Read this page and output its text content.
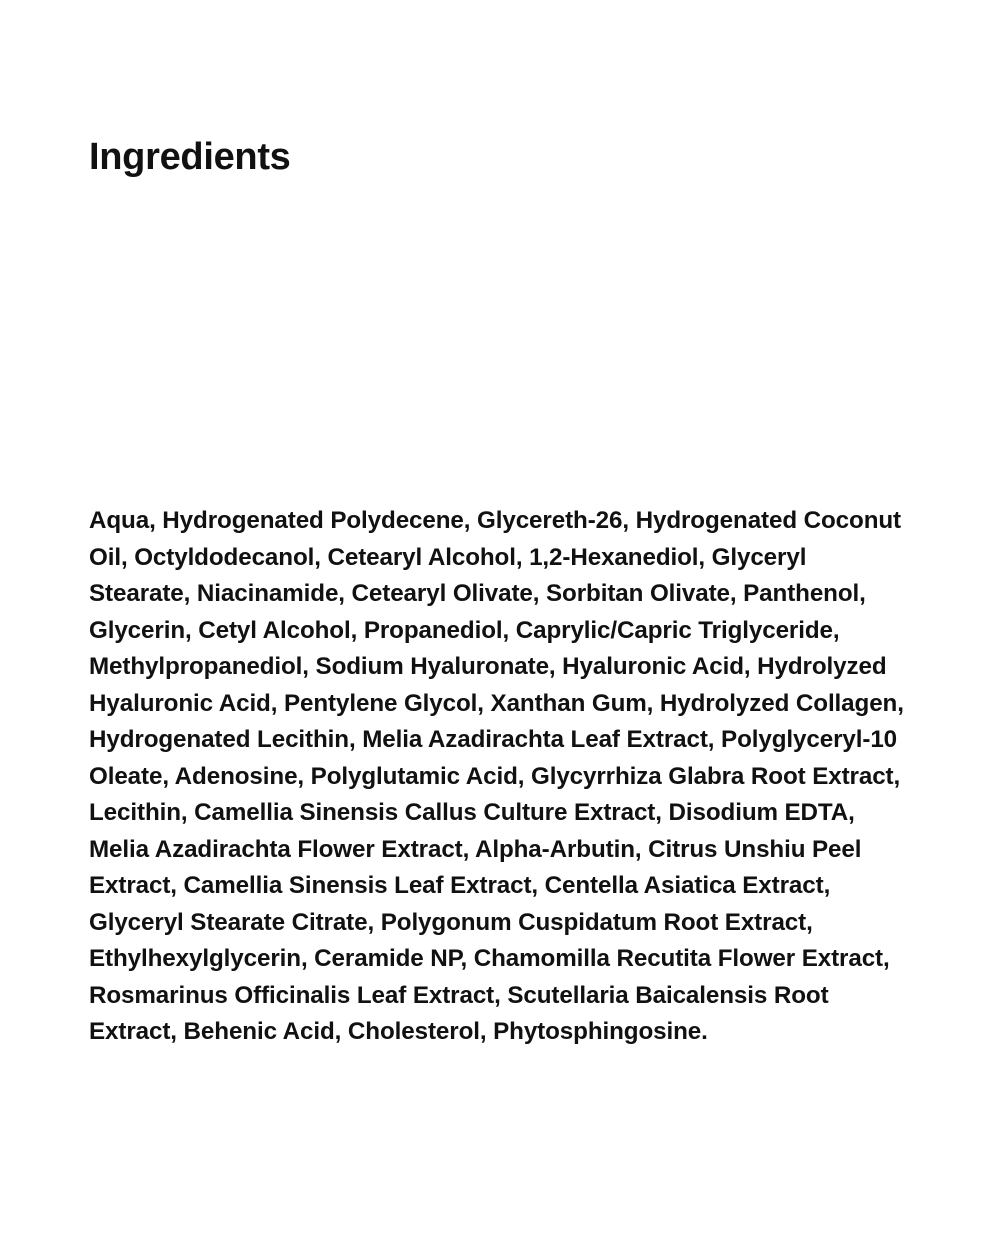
Ingredients

Aqua, Hydrogenated Polydecene, Glycereth-26, Hydrogenated Coconut Oil, Octyldodecanol, Cetearyl Alcohol, 1,2-Hexanediol, Glyceryl Stearate, Niacinamide, Cetearyl Olivate, Sorbitan Olivate, Panthenol, Glycerin, Cetyl Alcohol, Propanediol, Caprylic/Capric Triglyceride, Methylpropanediol, Sodium Hyaluronate, Hyaluronic Acid, Hydrolyzed Hyaluronic Acid, Pentylene Glycol, Xanthan Gum, Hydrolyzed Collagen, Hydrogenated Lecithin, Melia Azadirachta Leaf Extract, Polyglyceryl-10 Oleate, Adenosine, Polyglutamic Acid, Glycyrrhiza Glabra Root Extract, Lecithin, Camellia Sinensis Callus Culture Extract, Disodium EDTA, Melia Azadirachta Flower Extract, Alpha-Arbutin, Citrus Unshiu Peel Extract, Camellia Sinensis Leaf Extract, Centella Asiatica Extract, Glyceryl Stearate Citrate, Polygonum Cuspidatum Root Extract, Ethylhexylglycerin, Ceramide NP, Chamomilla Recutita Flower Extract, Rosmarinus Officinalis Leaf Extract, Scutellaria Baicalensis Root Extract, Behenic Acid, Cholesterol, Phytosphingosine.
